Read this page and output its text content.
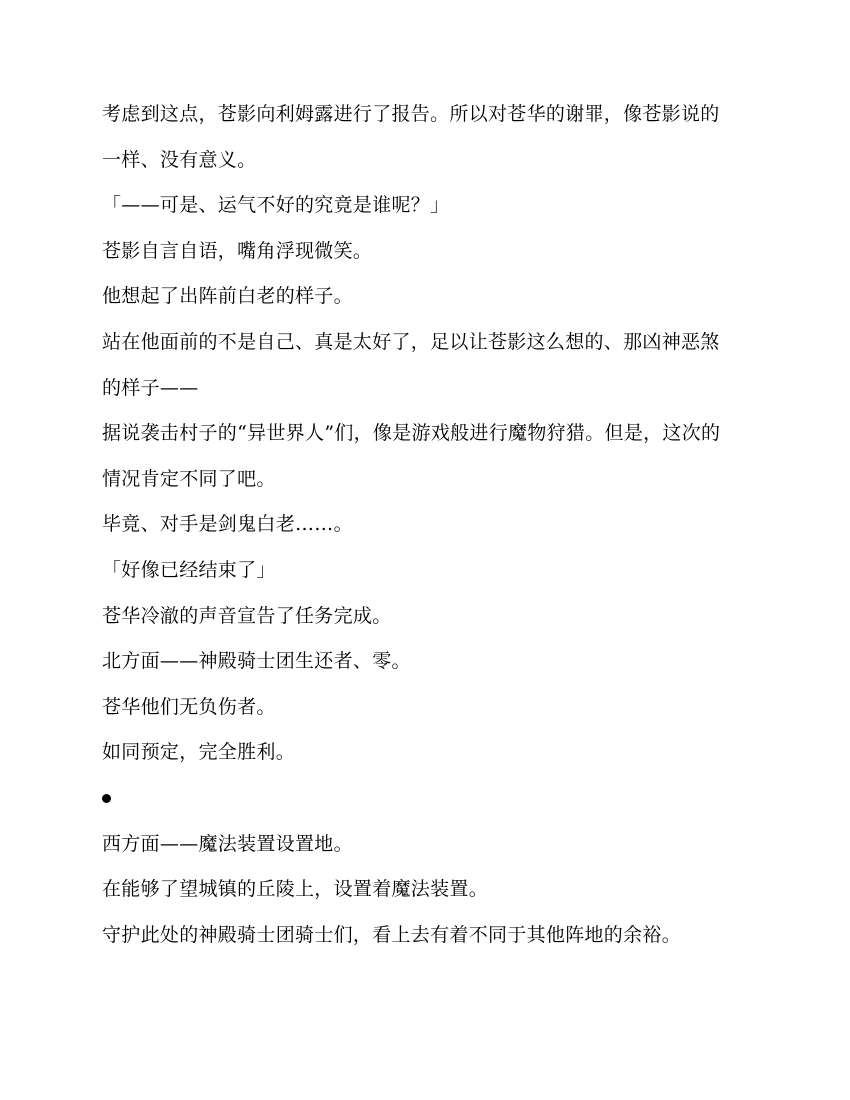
考虑到这点，苍影向利姆露进行了报告。所以对苍华的谢罪，像苍影说的一样、没有意义。

「——可是、运气不好的究竟是谁呢？」

苍影自言自语，嘴角浮现微笑。

他想起了出阵前白老的样子。

站在他面前的不是自己、真是太好了，足以让苍影这么想的、那凶神恶煞的样子——

据说袭击村子的“异世界人”们，像是游戏般进行魔物狩猎。但是，这次的情况肯定不同了吧。

毕竟、对手是剑鬼白老……。

「好像已经结束了」

苍华冷澈的声音宣告了任务完成。

北方面——神殿骑士团生还者、零。

苍华他们无负伤者。

如同预定，完全胜利。

西方面——魔法装置设置地。

在能够了望城镇的丘陵上，设置着魔法装置。

守护此处的神殿骑士团骑士们，看上去有着不同于其他阵地的余裕。
